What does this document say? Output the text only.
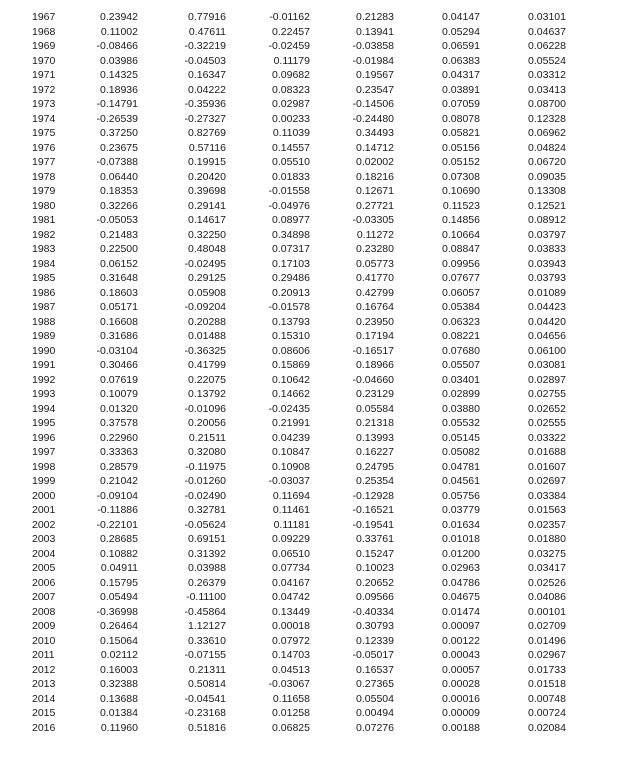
1967	0.23942	0.77916	-0.01162	0.21283	0.04147	0.03101
1968	0.11002	0.47611	0.22457	0.13941	0.05294	0.04637
1969	-0.08466	-0.32219	-0.02459	-0.03858	0.06591	0.06228
1970	0.03986	-0.04503	0.11179	-0.01984	0.06383	0.05524
1971	0.14325	0.16347	0.09682	0.19567	0.04317	0.03312
1972	0.18936	0.04222	0.08323	0.23547	0.03891	0.03413
1973	-0.14791	-0.35936	0.02987	-0.14506	0.07059	0.08700
1974	-0.26539	-0.27327	0.00233	-0.24480	0.08078	0.12328
1975	0.37250	0.82769	0.11039	0.34493	0.05821	0.06962
1976	0.23675	0.57116	0.14557	0.14712	0.05156	0.04824
1977	-0.07388	0.19915	0.05510	0.02002	0.05152	0.06720
1978	0.06440	0.20420	0.01833	0.18216	0.07308	0.09035
1979	0.18353	0.39698	-0.01558	0.12671	0.10690	0.13308
1980	0.32266	0.29141	-0.04976	0.27721	0.11523	0.12521
1981	-0.05053	0.14617	0.08977	-0.03305	0.14856	0.08912
1982	0.21483	0.32250	0.34898	0.11272	0.10664	0.03797
1983	0.22500	0.48048	0.07317	0.23280	0.08847	0.03833
1984	0.06152	-0.02495	0.17103	0.05773	0.09956	0.03943
1985	0.31648	0.29125	0.29486	0.41770	0.07677	0.03793
1986	0.18603	0.05908	0.20913	0.42799	0.06057	0.01089
1987	0.05171	-0.09204	-0.01578	0.16764	0.05384	0.04423
1988	0.16608	0.20288	0.13793	0.23950	0.06323	0.04420
1989	0.31686	0.01488	0.15310	0.17194	0.08221	0.04656
1990	-0.03104	-0.36325	0.08606	-0.16517	0.07680	0.06100
1991	0.30466	0.41799	0.15869	0.18966	0.05507	0.03081
1992	0.07619	0.22075	0.10642	-0.04660	0.03401	0.02897
1993	0.10079	0.13792	0.14662	0.23129	0.02899	0.02755
1994	0.01320	-0.01096	-0.02435	0.05584	0.03880	0.02652
1995	0.37578	0.20056	0.21991	0.21318	0.05532	0.02555
1996	0.22960	0.21511	0.04239	0.13993	0.05145	0.03322
1997	0.33363	0.32080	0.10847	0.16227	0.05082	0.01688
1998	0.28579	-0.11975	0.10908	0.24795	0.04781	0.01607
1999	0.21042	-0.01260	-0.03037	0.25354	0.04561	0.02697
2000	-0.09104	-0.02490	0.11694	-0.12928	0.05756	0.03384
2001	-0.11886	0.32781	0.11461	-0.16521	0.03779	0.01563
2002	-0.22101	-0.05624	0.11181	-0.19541	0.01634	0.02357
2003	0.28685	0.69151	0.09229	0.33761	0.01018	0.01880
2004	0.10882	0.31392	0.06510	0.15247	0.01200	0.03275
2005	0.04911	0.03988	0.07734	0.10023	0.02963	0.03417
2006	0.15795	0.26379	0.04167	0.20652	0.04786	0.02526
2007	0.05494	-0.11100	0.04742	0.09566	0.04675	0.04086
2008	-0.36998	-0.45864	0.13449	-0.40334	0.01474	0.00101
2009	0.26464	1.12127	0.00018	0.30793	0.00097	0.02709
2010	0.15064	0.33610	0.07972	0.12339	0.00122	0.01496
2011	0.02112	-0.07155	0.14703	-0.05017	0.00043	0.02967
2012	0.16003	0.21311	0.04513	0.16537	0.00057	0.01733
2013	0.32388	0.50814	-0.03067	0.27365	0.00028	0.01518
2014	0.13688	-0.04541	0.11658	0.05504	0.00016	0.00748
2015	0.01384	-0.23168	0.01258	0.00494	0.00009	0.00724
2016	0.11960	0.51816	0.06825	0.07276	0.00188	0.02084
